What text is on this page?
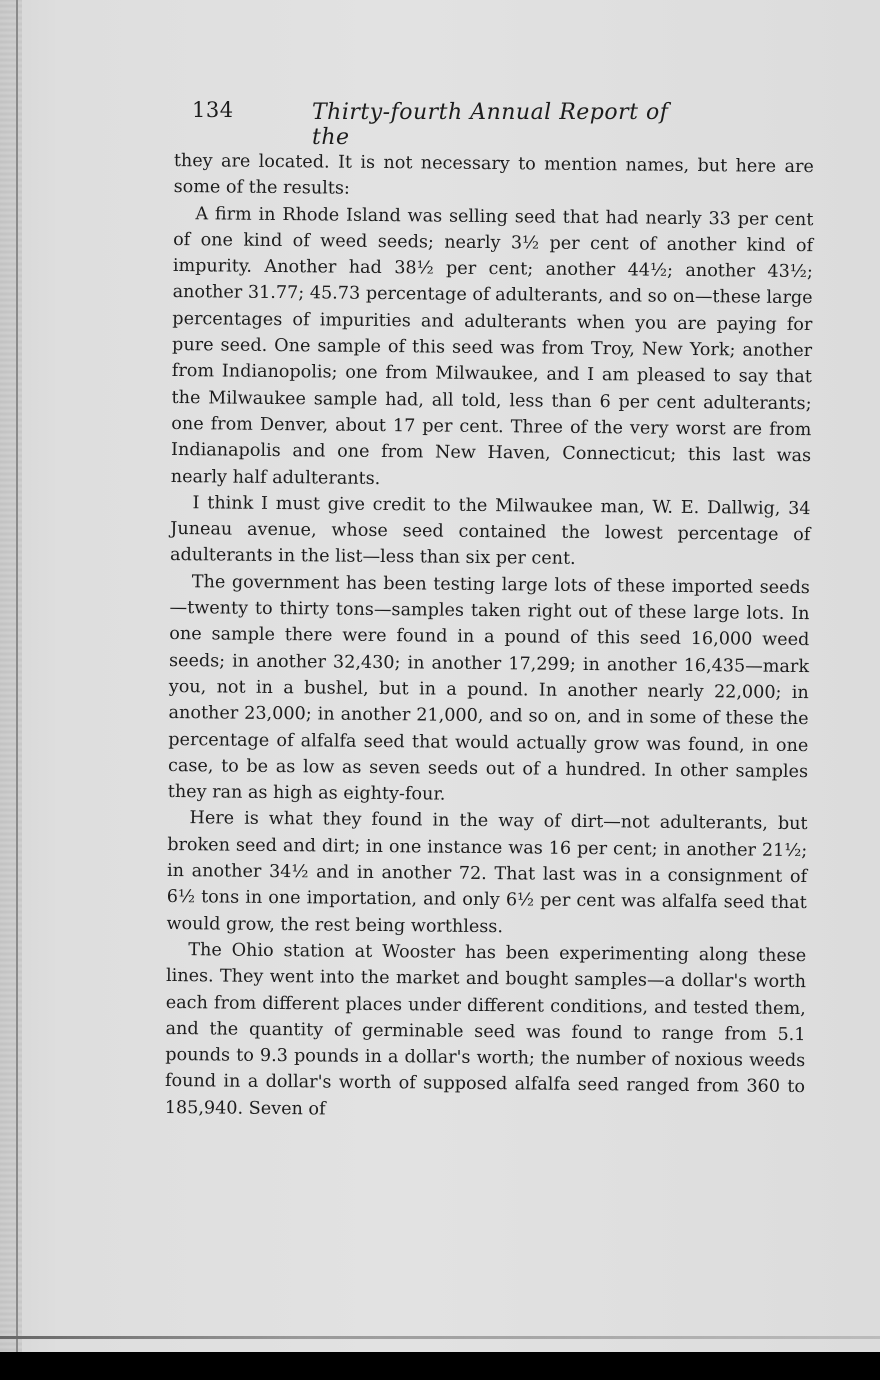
134	Thirty-fourth Annual Report of the

they are located. It is not necessary to mention names, but here are some of the results:

A firm in Rhode Island was selling seed that had nearly 33 per cent of one kind of weed seeds; nearly 3½ per cent of another kind of impurity. Another had 38½ per cent; another 44½; another 43½; another 31.77; 45.73 percentage of adulterants, and so on—these large percentages of impurities and adulterants when you are paying for pure seed. One sample of this seed was from Troy, New York; another from Indianopolis; one from Milwaukee, and I am pleased to say that the Milwaukee sample had, all told, less than 6 per cent adulterants; one from Denver, about 17 per cent. Three of the very worst are from Indianapolis and one from New Haven, Connecticut; this last was nearly half adulterants.

I think I must give credit to the Milwaukee man, W. E. Dallwig, 34 Juneau avenue, whose seed contained the lowest percentage of adulterants in the list—less than six per cent.

The government has been testing large lots of these imported seeds—twenty to thirty tons—samples taken right out of these large lots. In one sample there were found in a pound of this seed 16,000 weed seeds; in another 32,430; in another 17,299; in another 16,435—mark you, not in a bushel, but in a pound. In another nearly 22,000; in another 23,000; in another 21,000, and so on, and in some of these the percentage of alfalfa seed that would actually grow was found, in one case, to be as low as seven seeds out of a hundred. In other samples they ran as high as eighty-four.

Here is what they found in the way of dirt—not adulterants, but broken seed and dirt; in one instance was 16 per cent; in another 21½; in another 34½ and in another 72. That last was in a consignment of 6½ tons in one importation, and only 6½ per cent was alfalfa seed that would grow, the rest being worthless.

The Ohio station at Wooster has been experimenting along these lines. They went into the market and bought samples—a dollar's worth each from different places under different conditions, and tested them, and the quantity of germinable seed was found to range from 5.1 pounds to 9.3 pounds in a dollar's worth; the number of noxious weeds found in a dollar's worth of supposed alfalfa seed ranged from 360 to 185,940. Seven of
